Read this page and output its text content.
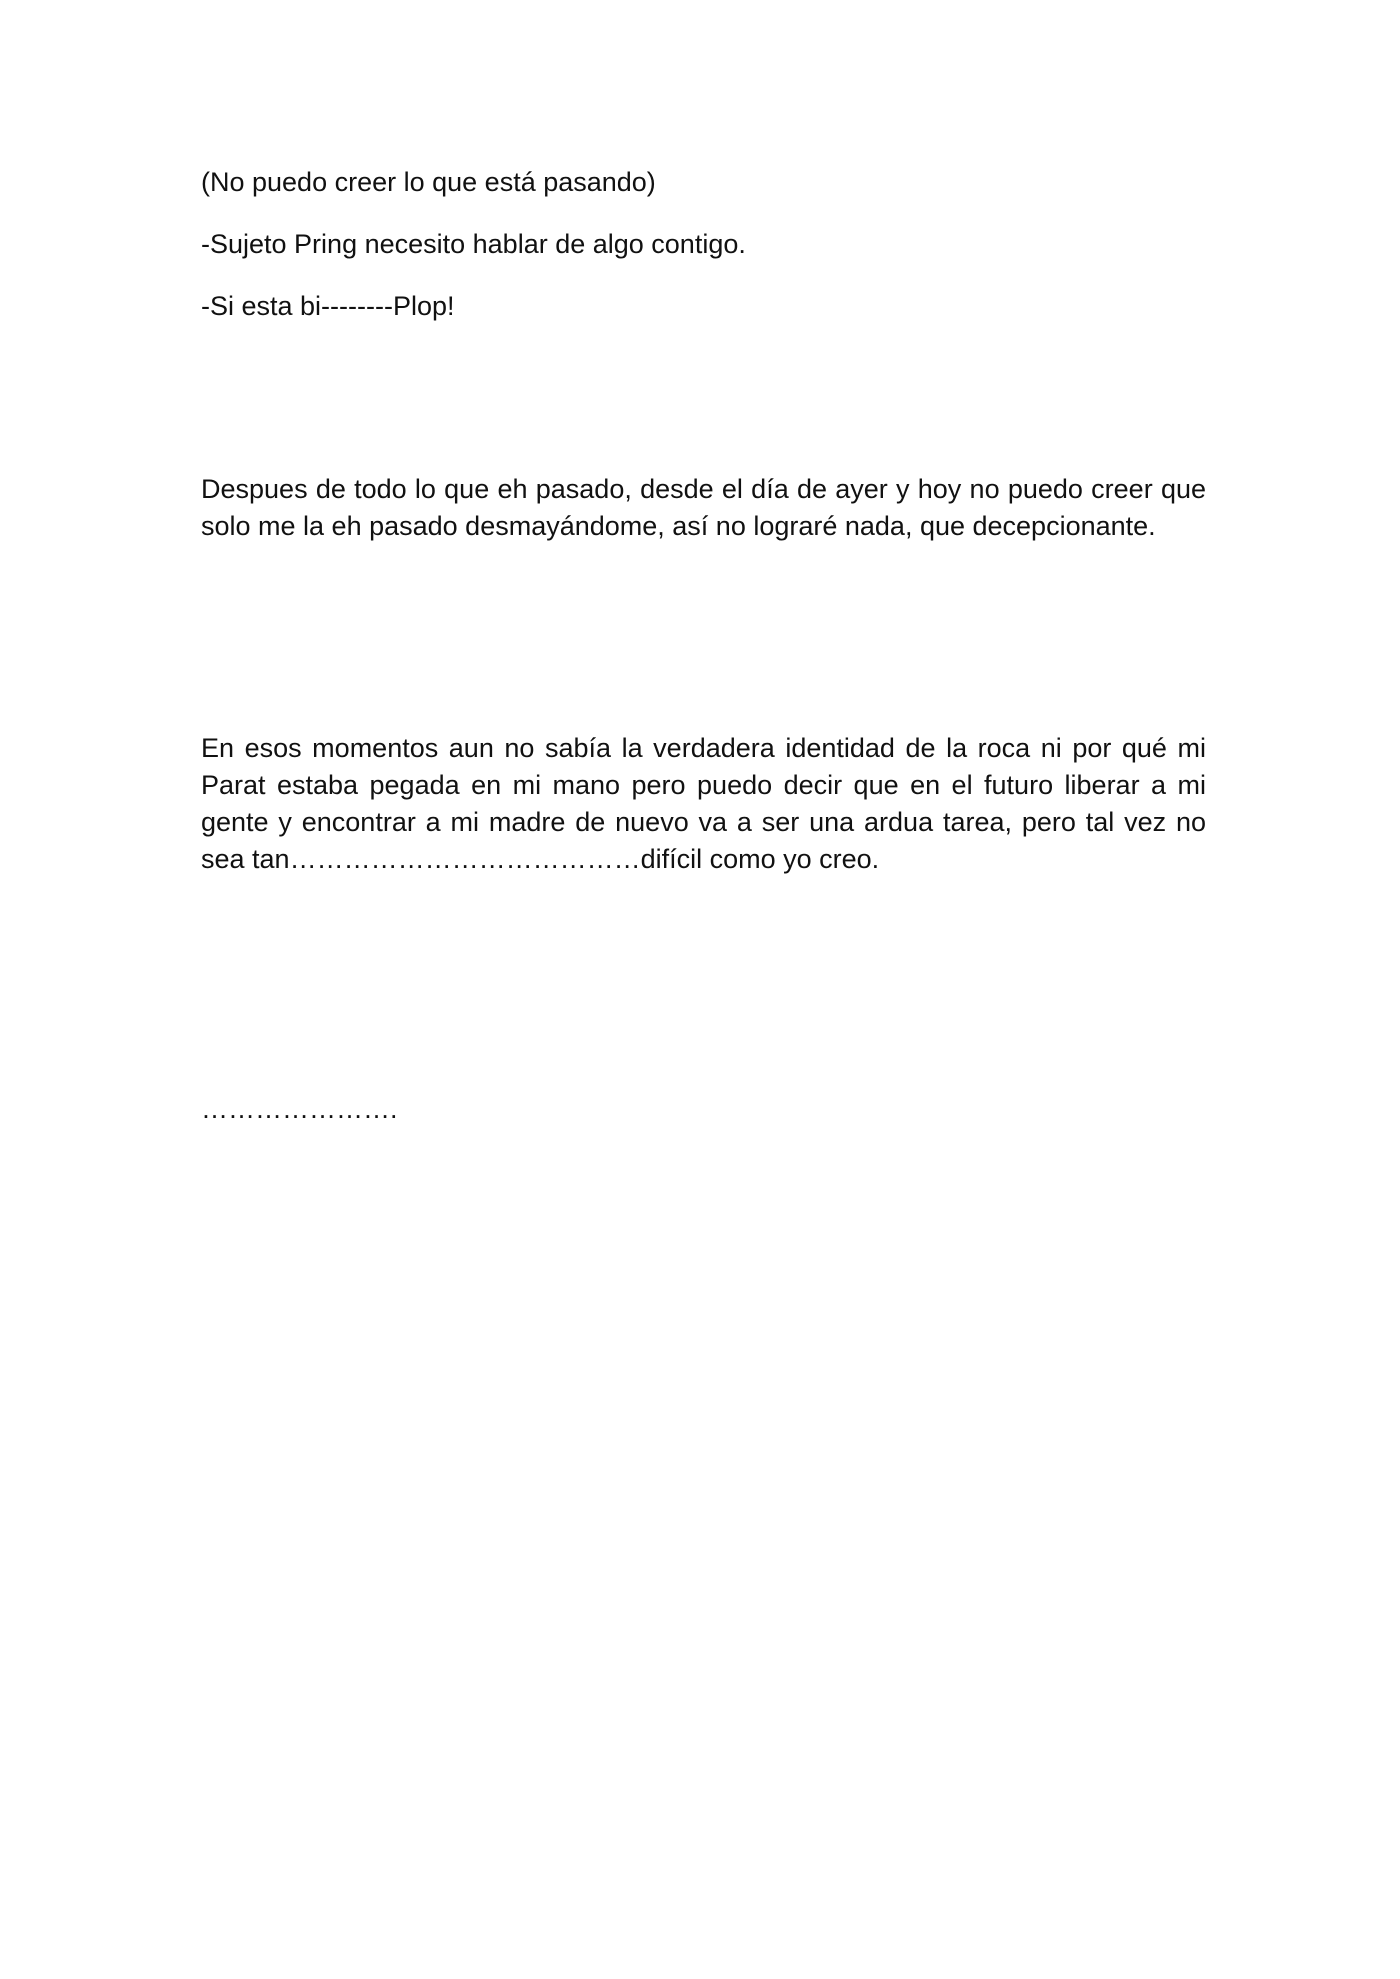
(No puedo creer lo que está pasando)

-Sujeto Pring necesito hablar de algo contigo.

-Si esta bi--------Plop!

Despues de todo lo que eh pasado, desde el día de ayer y hoy no puedo creer que solo me la eh pasado desmayándome, así no lograré nada, que decepcionante.

En esos momentos aun no sabía la verdadera identidad de la roca ni por qué mi Parat estaba pegada en mi mano pero puedo decir que en el futuro liberar a mi gente y encontrar a mi madre de nuevo va a ser una ardua tarea, pero tal vez no sea tan…………………………………difícil como yo creo.

………………….
